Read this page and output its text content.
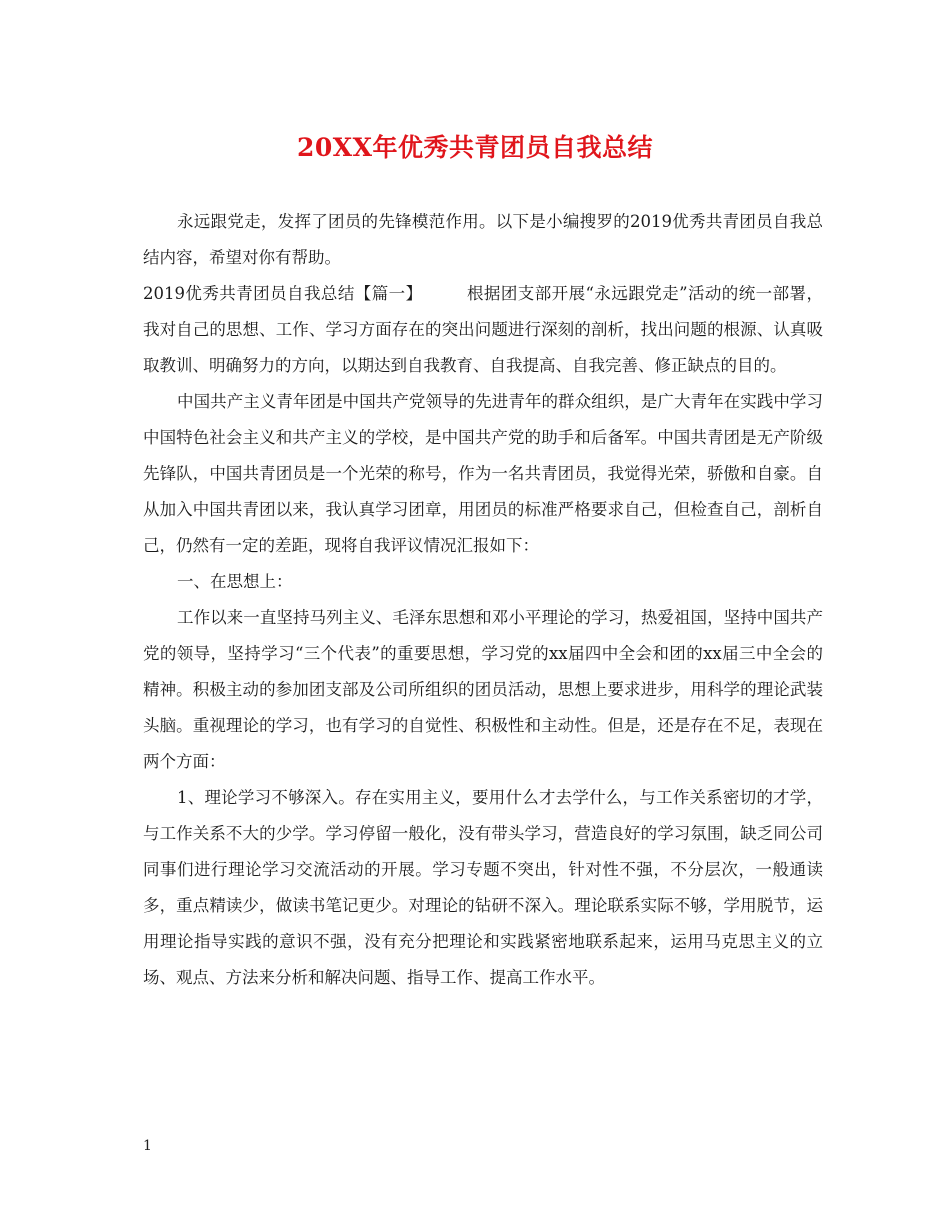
20XX年优秀共青团员自我总结

永远跟党走，发挥了团员的先锋模范作用。以下是小编搜罗的2019优秀共青团员自我总结内容，希望对你有帮助。

2019优秀共青团员自我总结【篇一】	根据团支部开展“永远跟党走”活动的统一部署，我对自己的思想、工作、学习方面存在的突出问题进行深刻的剖析，找出问题的根源、认真吸取教训、明确努力的方向，以期达到自我教育、自我提高、自我完善、修正缺点的目的。

中国共产主义青年团是中国共产党领导的先进青年的群众组织，是广大青年在实践中学习中国特色社会主义和共产主义的学校，是中国共产党的助手和后备军。中国共青团是无产阶级先锋队，中国共青团员是一个光荣的称号，作为一名共青团员，我觉得光荣，骄傲和自豪。自从加入中国共青团以来，我认真学习团章，用团员的标准严格要求自己，但检查自己，剖析自己，仍然有一定的差距，现将自我评议情况汇报如下：

一、在思想上：

工作以来一直坚持马列主义、毛泽东思想和邓小平理论的学习，热爱祖国，坚持中国共产党的领导，坚持学习“三个代表”的重要思想，学习党的xx届四中全会和团的xx届三中全会的精神。积极主动的参加团支部及公司所组织的团员活动，思想上要求进步，用科学的理论武装头脑。重视理论的学习，也有学习的自觉性、积极性和主动性。但是，还是存在不足，表现在两个方面：

1、理论学习不够深入。存在实用主义，要用什么才去学什么，与工作关系密切的才学，与工作关系不大的少学。学习停留一般化，没有带头学习，营造良好的学习氛围，缺乏同公司同事们进行理论学习交流活动的开展。学习专题不突出，针对性不强，不分层次，一般通读多，重点精读少，做读书笔记更少。对理论的钻研不深入。理论联系实际不够，学用脱节，运用理论指导实践的意识不强，没有充分把理论和实践紧密地联系起来，运用马克思主义的立场、观点、方法来分析和解决问题、指导工作、提高工作水平。

1
